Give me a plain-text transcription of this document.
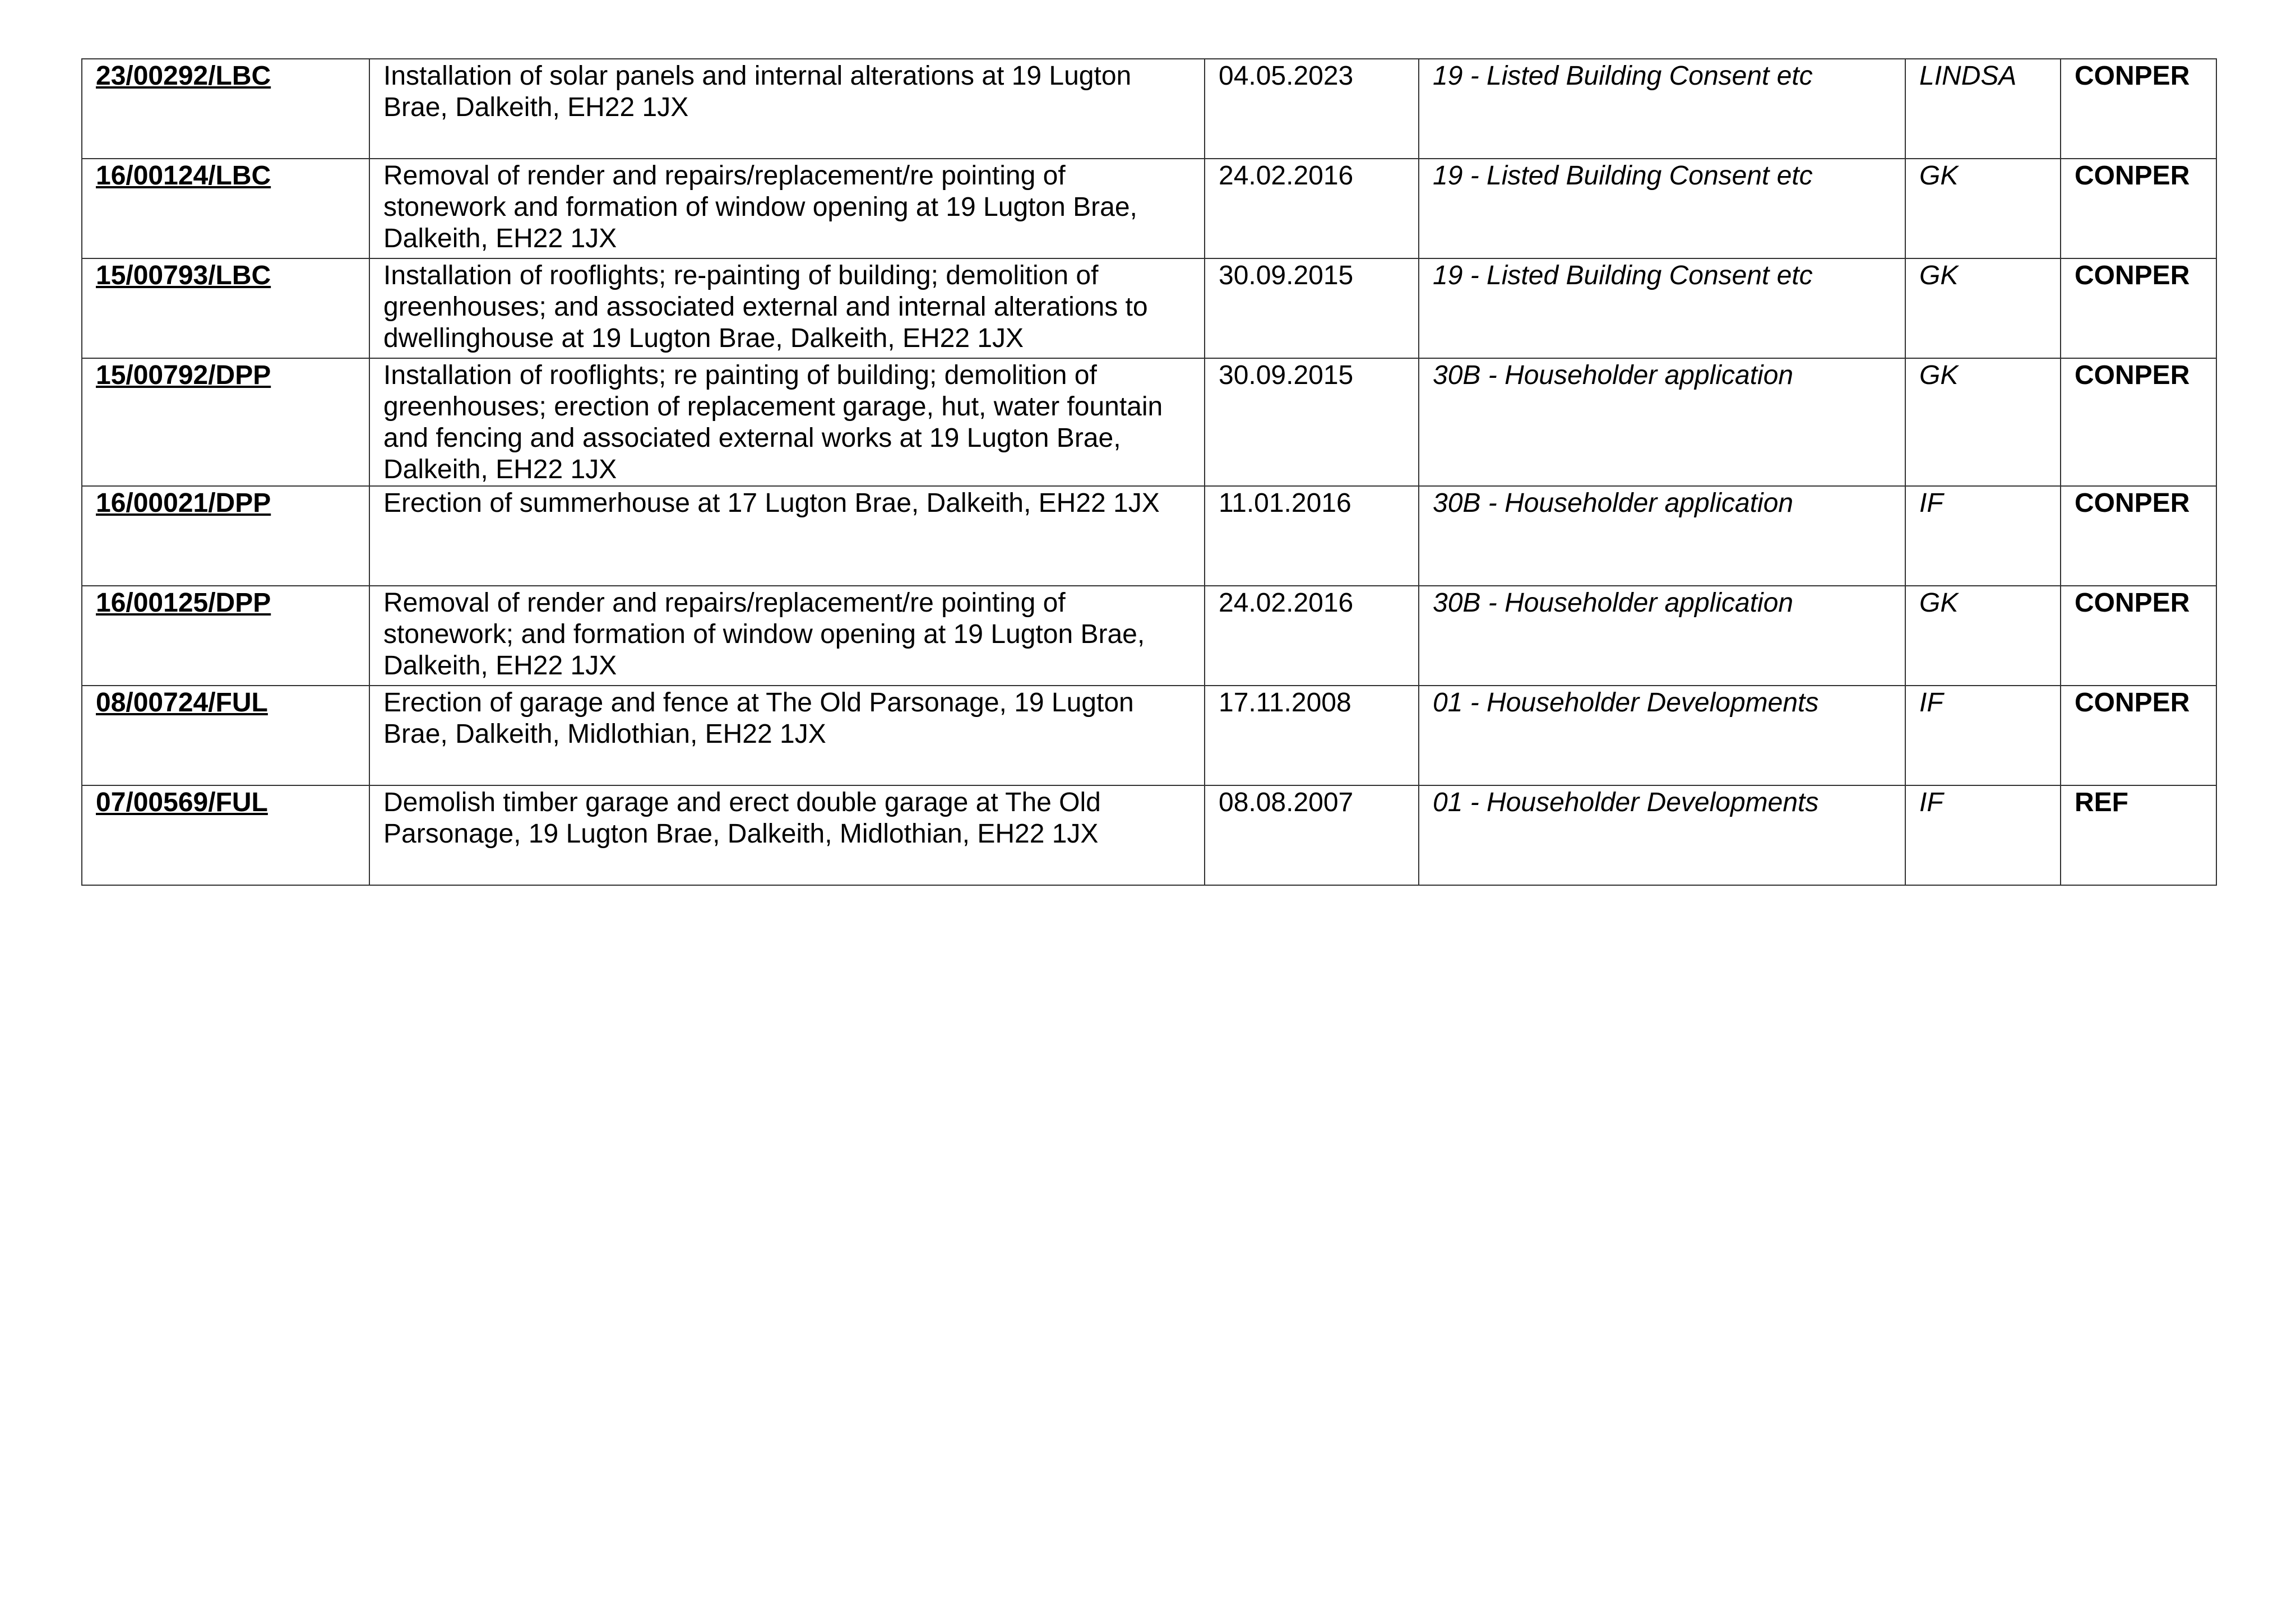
23/00292/LBC	Installation of solar panels and internal alterations at 19 Lugton Brae, Dalkeith, EH22 1JX	04.05.2023	19 - Listed Building Consent etc	LINDSA	CONPER
16/00124/LBC	Removal of render and repairs/replacement/re pointing of stonework and formation of window opening at 19 Lugton Brae, Dalkeith, EH22 1JX	24.02.2016	19 - Listed Building Consent etc	GK	CONPER
15/00793/LBC	Installation of rooflights; re-painting of building; demolition of greenhouses; and associated external and internal alterations to dwellinghouse at 19 Lugton Brae, Dalkeith, EH22 1JX	30.09.2015	19 - Listed Building Consent etc	GK	CONPER
15/00792/DPP	Installation of rooflights; re painting of building; demolition of greenhouses; erection of replacement garage, hut, water fountain and fencing and associated external works at 19 Lugton Brae, Dalkeith, EH22 1JX	30.09.2015	30B - Householder application	GK	CONPER
16/00021/DPP	Erection of summerhouse at 17 Lugton Brae, Dalkeith, EH22 1JX	11.01.2016	30B - Householder application	IF	CONPER
16/00125/DPP	Removal of render and repairs/replacement/re pointing of stonework; and formation of window opening at 19 Lugton Brae, Dalkeith, EH22 1JX	24.02.2016	30B - Householder application	GK	CONPER
08/00724/FUL	Erection of garage and fence at The Old Parsonage, 19 Lugton Brae, Dalkeith, Midlothian, EH22 1JX	17.11.2008	01 - Householder Developments	IF	CONPER
07/00569/FUL	Demolish timber garage and erect double garage at The Old Parsonage, 19 Lugton Brae, Dalkeith, Midlothian, EH22 1JX	08.08.2007	01 - Householder Developments	IF	REF
